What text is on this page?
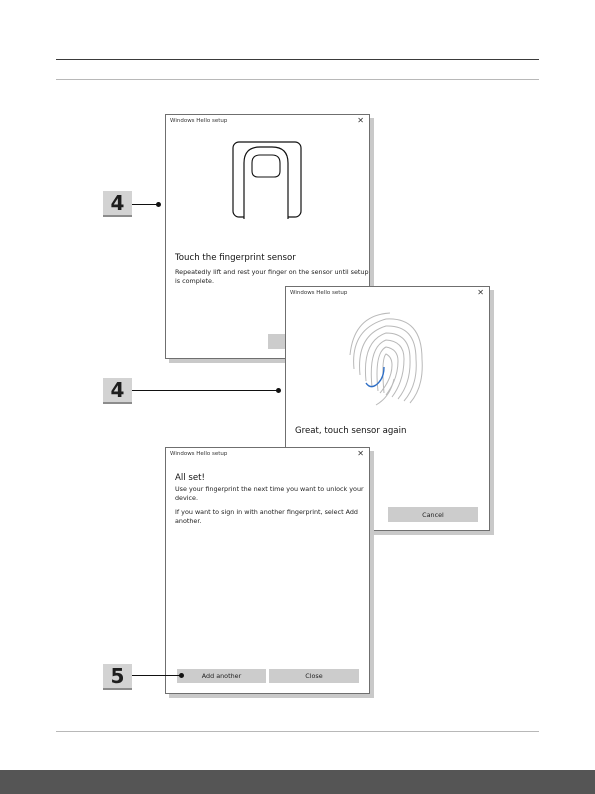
Windows Hello setup	✕
Touch the fingerprint sensor
Repeatedly lift and rest your finger on the sensor until setup
is complete.
Windows Hello setup	✕
Great, touch sensor again
Cancel
Windows Hello setup	✕
All set!
Use your fingerprint the next time you want to unlock your
device.
If you want to sign in with another fingerprint, select Add
another.
Add another	Close
4
4
5
